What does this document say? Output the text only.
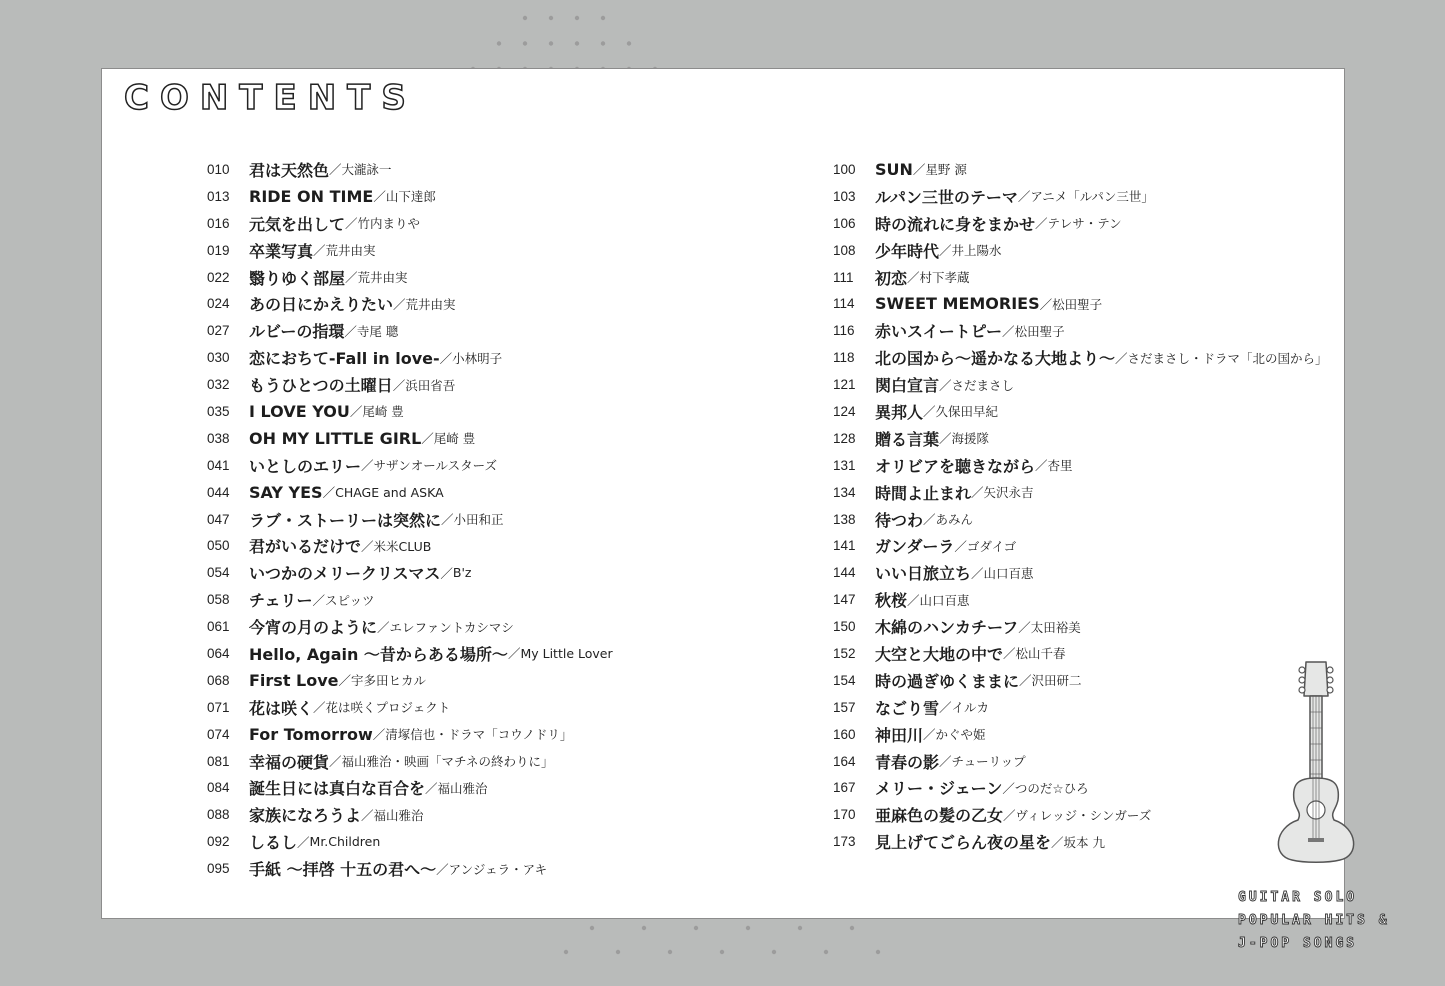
CONTENTS
010	君は天然色 ／ 大瀧詠一
013	RIDE ON TIME ／ 山下達郎
016	元気を出して ／ 竹内まりや
019	卒業写真 ／ 荒井由実
022	翳りゆく部屋 ／ 荒井由実
024	あの日にかえりたい ／ 荒井由実
027	ルビーの指環 ／ 寺尾 聰
030	恋におちて-Fall in love- ／ 小林明子
032	もうひとつの土曜日 ／ 浜田省吾
035	I LOVE YOU ／ 尾崎 豊
038	OH MY LITTLE GIRL ／ 尾崎 豊
041	いとしのエリー ／ サザンオールスターズ
044	SAY YES ／ CHAGE and ASKA
047	ラブ・ストーリーは突然に ／ 小田和正
050	君がいるだけで ／ 米米CLUB
054	いつかのメリークリスマス ／ B'z
058	チェリー ／ スピッツ
061	今宵の月のように ／ エレファントカシマシ
064	Hello, Again 〜昔からある場所〜 ／ My Little Lover
068	First Love ／ 宇多田ヒカル
071	花は咲く ／ 花は咲くプロジェクト
074	For Tomorrow ／ 清塚信也・ドラマ「コウノドリ」
081	幸福の硬貨 ／ 福山雅治・映画「マチネの終わりに」
084	誕生日には真白な百合を ／ 福山雅治
088	家族になろうよ ／ 福山雅治
092	しるし ／ Mr.Children
095	手紙 〜拝啓 十五の君へ〜 ／ アンジェラ・アキ
100	SUN ／ 星野 源
103	ルパン三世のテーマ ／ アニメ「ルパン三世」
106	時の流れに身をまかせ ／ テレサ・テン
108	少年時代 ／ 井上陽水
111	初恋 ／ 村下孝蔵
114	SWEET MEMORIES ／ 松田聖子
116	赤いスイートピー ／ 松田聖子
118	北の国から〜遥かなる大地より〜 ／ さだまさし・ドラマ「北の国から」
121	関白宣言 ／ さだまさし
124	異邦人 ／ 久保田早紀
128	贈る言葉 ／ 海援隊
131	オリビアを聴きながら ／ 杏里
134	時間よ止まれ ／ 矢沢永吉
138	待つわ ／ あみん
141	ガンダーラ ／ ゴダイゴ
144	いい日旅立ち ／ 山口百恵
147	秋桜 ／ 山口百恵
150	木綿のハンカチーフ ／ 太田裕美
152	大空と大地の中で ／ 松山千春
154	時の過ぎゆくままに ／ 沢田研二
157	なごり雪 ／ イルカ
160	神田川 ／ かぐや姫
164	青春の影 ／ チューリップ
167	メリー・ジェーン ／ つのだ☆ひろ
170	亜麻色の髪の乙女 ／ ヴィレッジ・シンガーズ
173	見上げてごらん夜の星を ／ 坂本 九
GUITAR SOLO
POPULAR HITS &
J-POP SONGS
